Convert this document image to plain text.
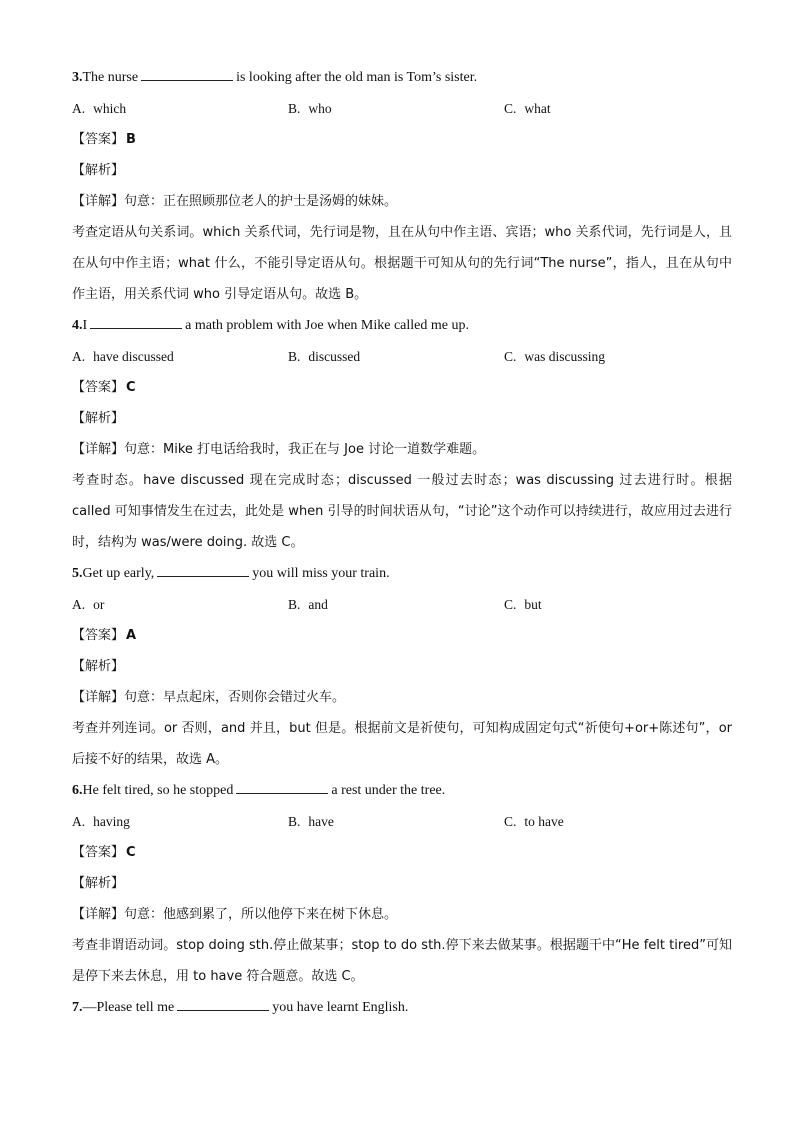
3.The nurse	is looking after the old man is Tom’s sister.
A. which	B. who	C. what
【答案】 B
【解析】
【详解】句意：正在照顾那位老人的护士是汤姆的妹妹。
考查定语从句关系词。which 关系代词，先行词是物，且在从句中作主语、宾语；who 关系代词，先行词是人，且在从句中作主语；what 什么，不能引导定语从句。根据题干可知从句的先行词“The nurse”，指人，且在从句中作主语，用关系代词 who 引导定语从句。故选 B。
4.I	a math problem with Joe when Mike called me up.
A. have discussed	B. discussed	C. was discussing
【答案】 C
【解析】
【详解】句意：Mike 打电话给我时，我正在与 Joe 讨论一道数学难题。
考查时态。have discussed 现在完成时态；discussed 一般过去时态；was discussing 过去进行时。根据 called 可知事情发生在过去，此处是 when 引导的时间状语从句，“讨论”这个动作可以持续进行，故应用过去进行时，结构为 was/were doing. 故选 C。
5.Get up early,	you will miss your train.
A. or	B. and	C. but
【答案】 A
【解析】
【详解】句意：早点起床，否则你会错过火车。
考查并列连词。or 否则，and 并且，but 但是。根据前文是祈使句，可知构成固定句式“祈使句+or+陈述句”，or 后接不好的结果，故选 A。
6.He felt tired, so he stopped	a rest under the tree.
A. having	B. have	C. to have
【答案】 C
【解析】
【详解】句意：他感到累了，所以他停下来在树下休息。
考查非谓语动词。stop doing sth.停止做某事；stop to do sth.停下来去做某事。根据题干中“He felt tired”可知是停下来去休息，用 to have 符合题意。故选 C。
7.—Please tell me	you have learnt English.
